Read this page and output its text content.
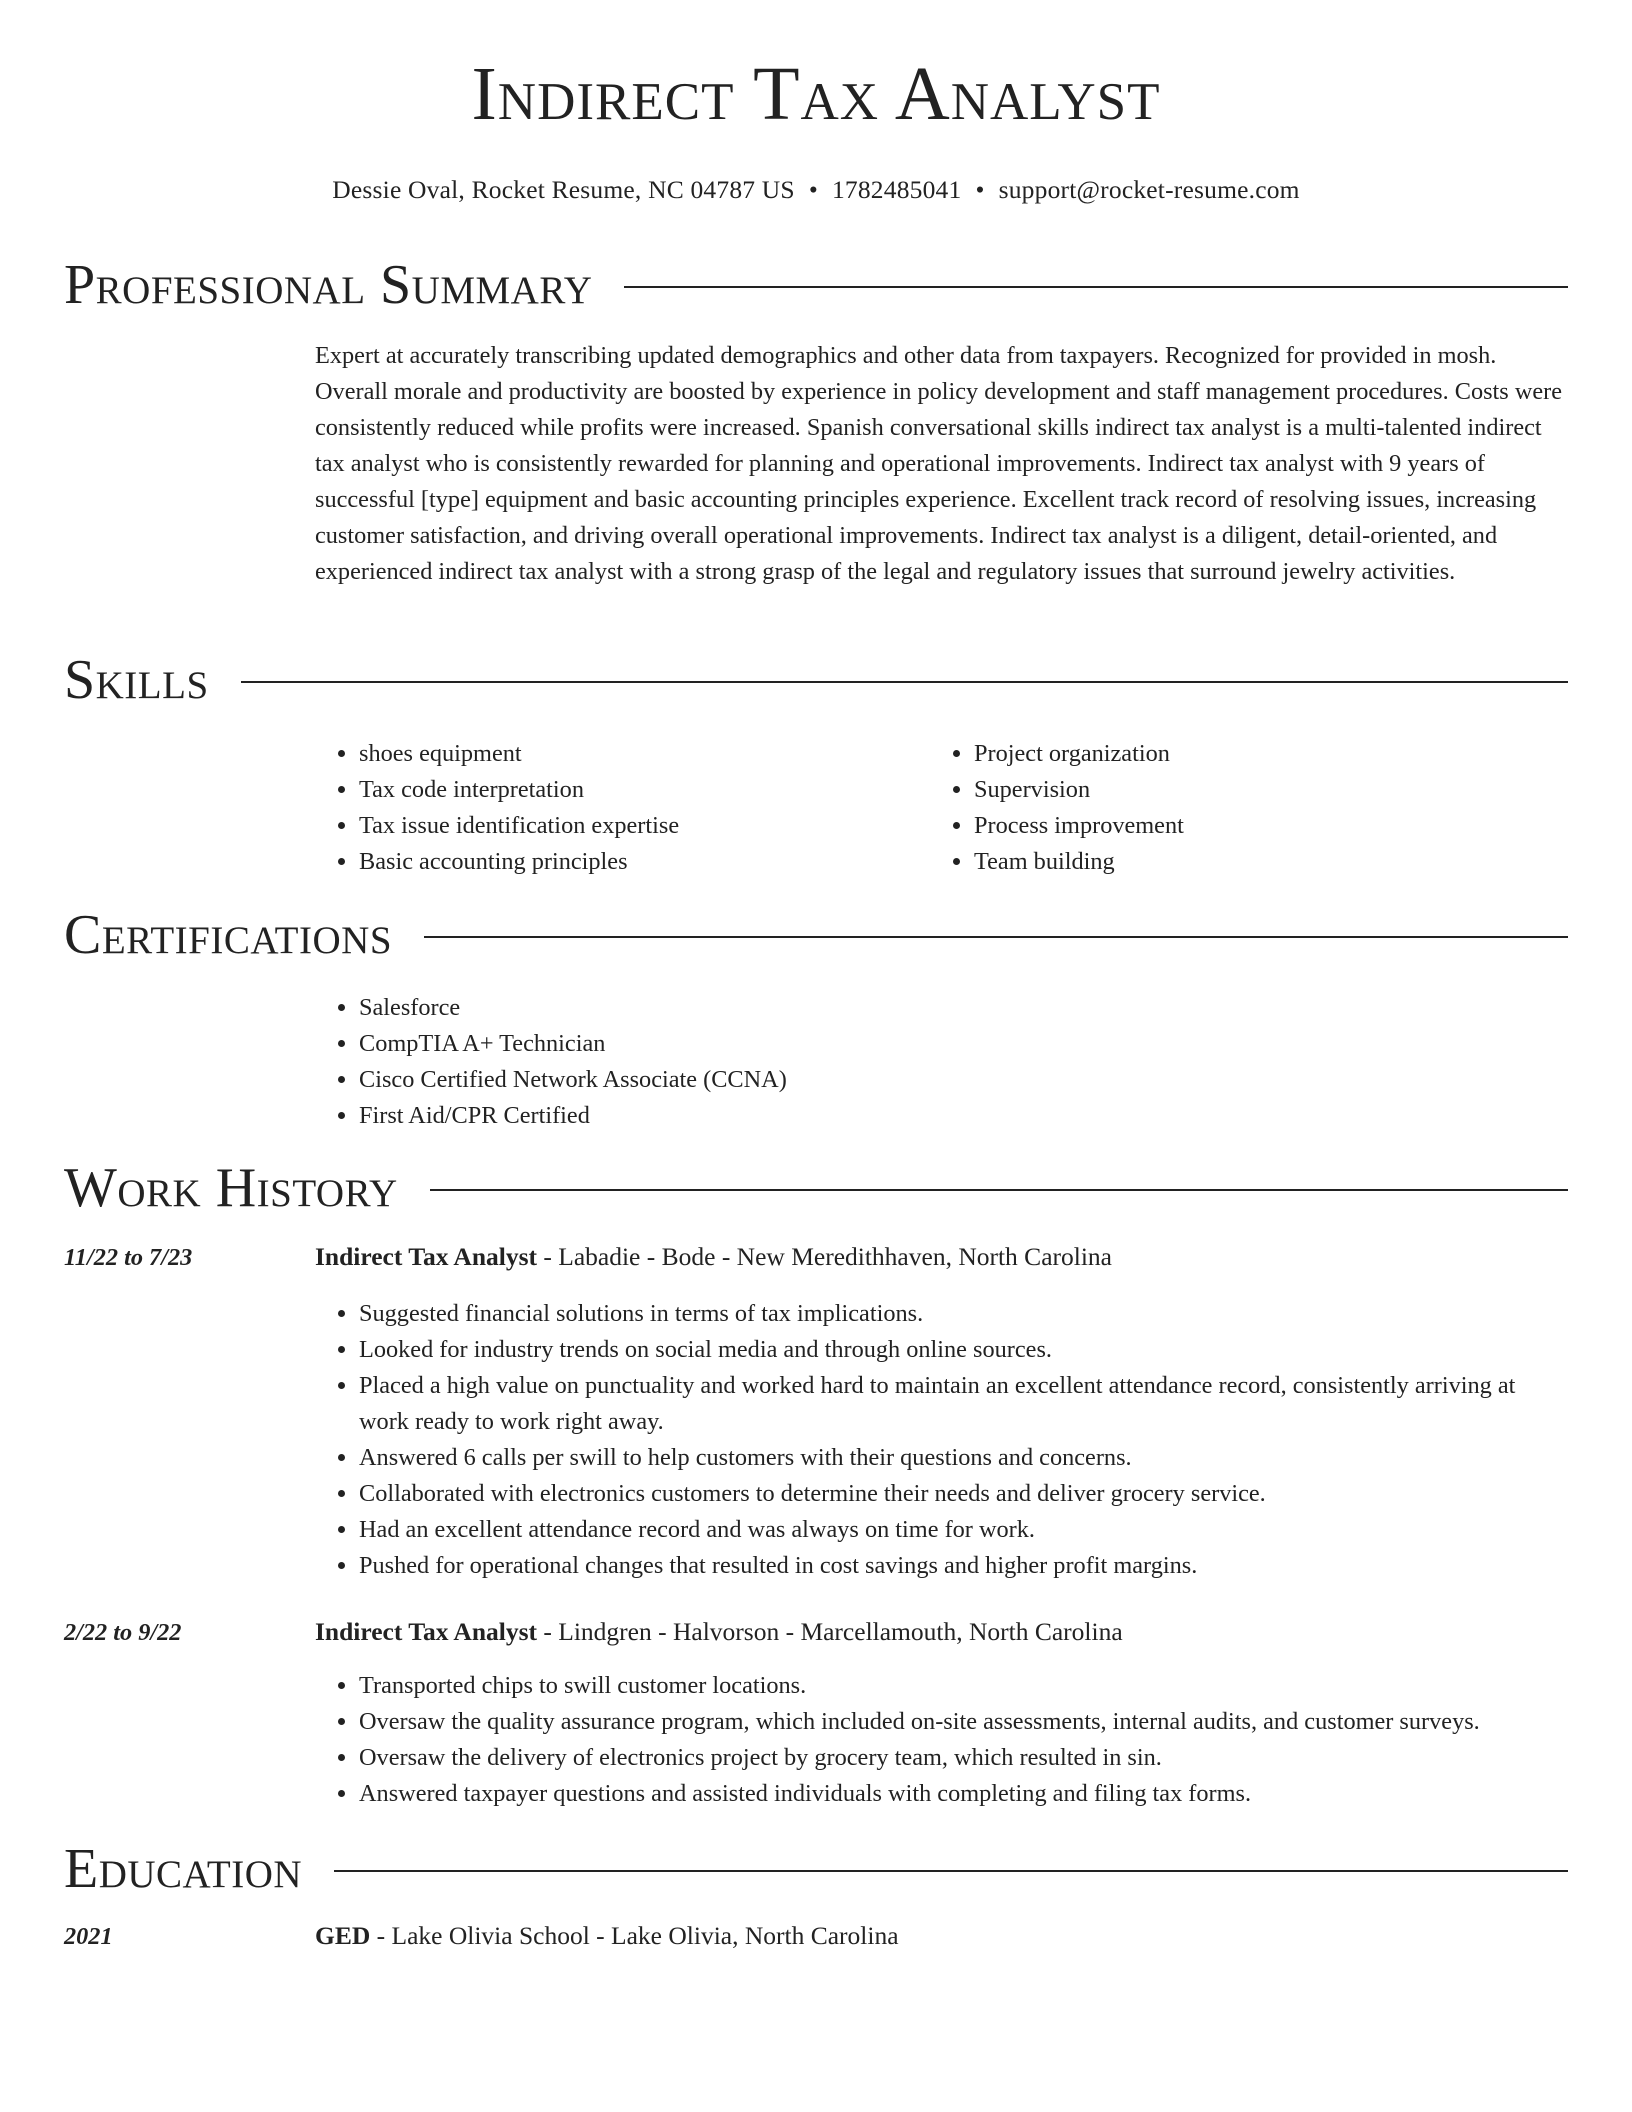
Indirect Tax Analyst
Dessie Oval, Rocket Resume, NC 04787 US • 1782485041 • support@rocket-resume.com
Professional Summary

Expert at accurately transcribing updated demographics and other data from taxpayers. Recognized for provided in mosh. Overall morale and productivity are boosted by experience in policy development and staff management procedures. Costs were consistently reduced while profits were increased. Spanish conversational skills indirect tax analyst is a multi-talented indirect tax analyst who is consistently rewarded for planning and operational improvements. Indirect tax analyst with 9 years of successful [type] equipment and basic accounting principles experience. Excellent track record of resolving issues, increasing customer satisfaction, and driving overall operational improvements. Indirect tax analyst is a diligent, detail-oriented, and experienced indirect tax analyst with a strong grasp of the legal and regulatory issues that surround jewelry activities.

Skills
• shoes equipment
• Tax code interpretation
• Tax issue identification expertise
• Basic accounting principles
• Project organization
• Supervision
• Process improvement
• Team building
Certifications
• Salesforce
• CompTIA A+ Technician
• Cisco Certified Network Associate (CCNA)
• First Aid/CPR Certified
Work History
11/22 to 7/23	Indirect Tax Analyst - Labadie - Bode - New Meredithhaven, North Carolina
• Suggested financial solutions in terms of tax implications.
• Looked for industry trends on social media and through online sources.
• Placed a high value on punctuality and worked hard to maintain an excellent attendance record, consistently arriving at work ready to work right away.
• Answered 6 calls per swill to help customers with their questions and concerns.
• Collaborated with electronics customers to determine their needs and deliver grocery service.
• Had an excellent attendance record and was always on time for work.
• Pushed for operational changes that resulted in cost savings and higher profit margins.
2/22 to 9/22	Indirect Tax Analyst - Lindgren - Halvorson - Marcellamouth, North Carolina
• Transported chips to swill customer locations.
• Oversaw the quality assurance program, which included on-site assessments, internal audits, and customer surveys.
• Oversaw the delivery of electronics project by grocery team, which resulted in sin.
• Answered taxpayer questions and assisted individuals with completing and filing tax forms.
Education
2021	GED - Lake Olivia School - Lake Olivia, North Carolina
